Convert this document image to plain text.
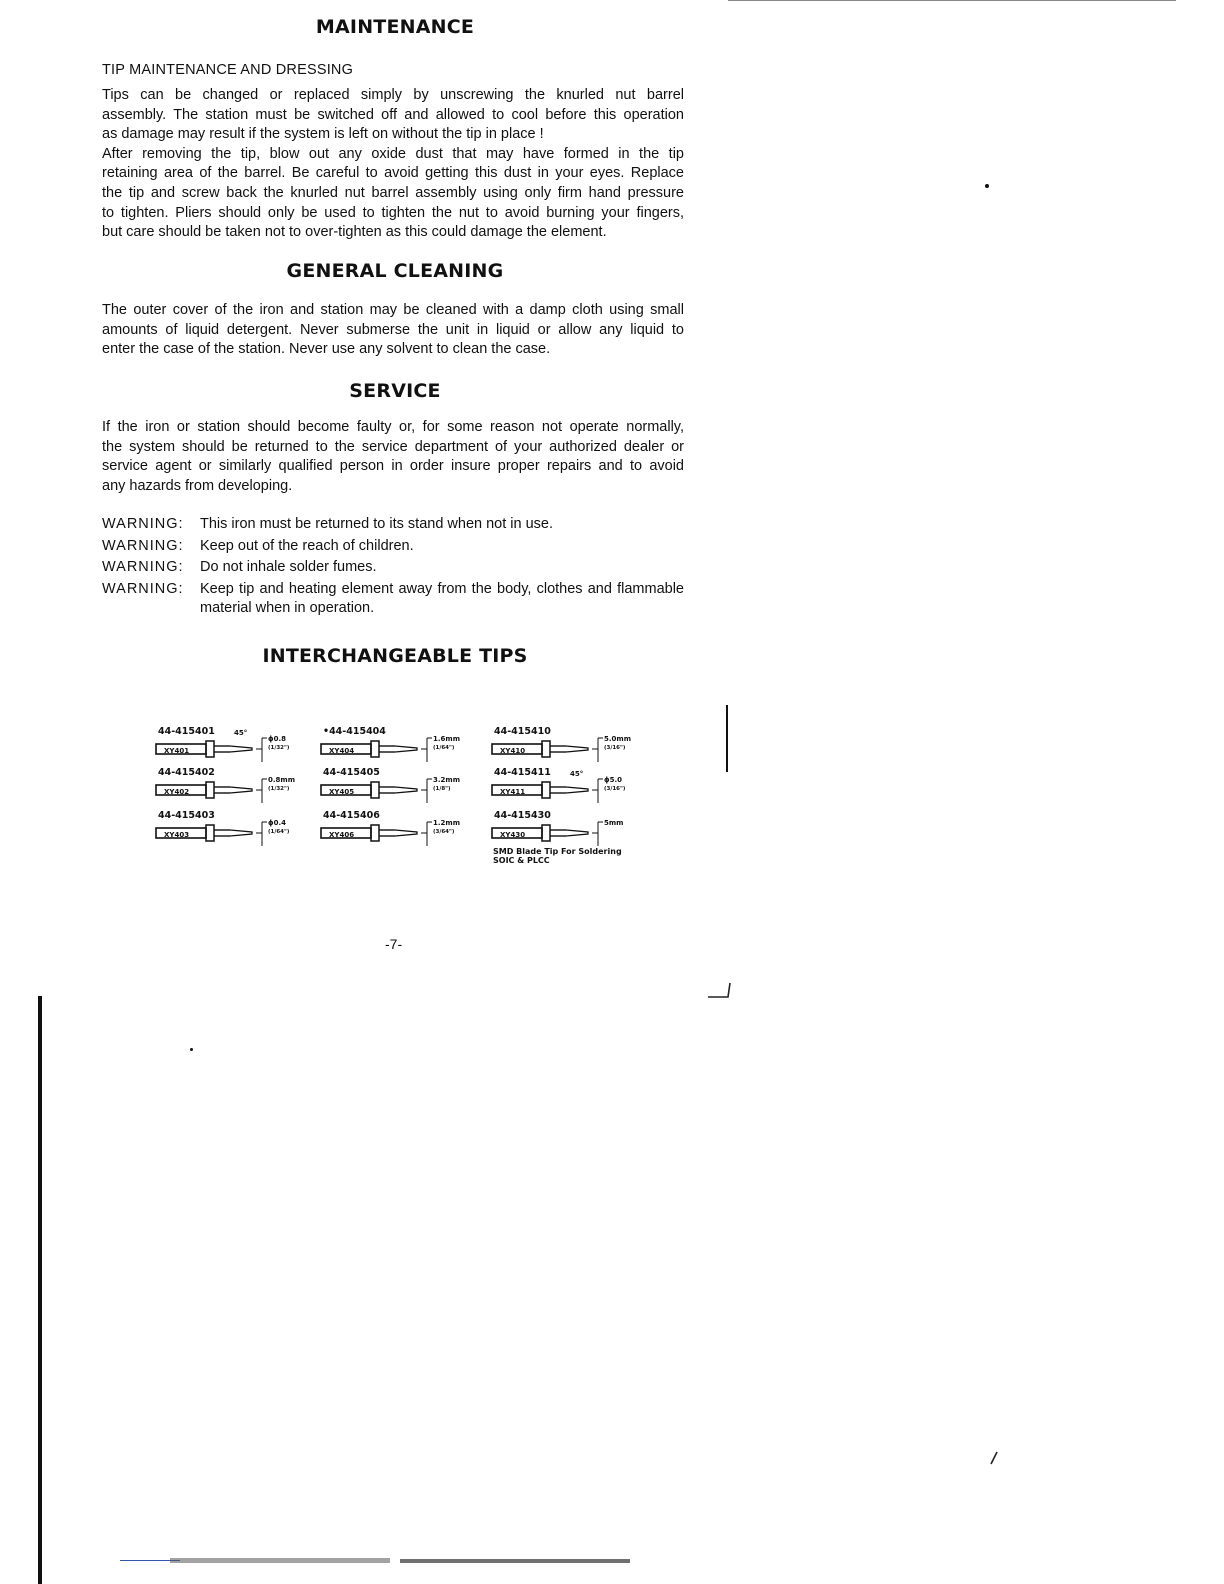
MAINTENANCE

TIP MAINTENANCE AND DRESSING

Tips can be changed or replaced simply by unscrewing the knurled nut barrel
assembly. The station must be switched off and allowed to cool before this operation
as damage may result if the system is left on without the tip in place !
After removing the tip, blow out any oxide dust that may have formed in the tip
retaining area of the barrel. Be careful to avoid getting this dust in your eyes. Replace
the tip and screw back the knurled nut barrel assembly using only firm hand pressure
to tighten. Pliers should only be used to tighten the nut to avoid burning your fingers,
but care should be taken not to over-tighten as this could damage the element.
GENERAL CLEANING
The outer cover of the iron and station may be cleaned with a damp cloth using small
amounts of liquid detergent. Never submerse the unit in liquid or allow any liquid to
enter the case of the station. Never use any solvent to clean the case.
SERVICE
If the iron or station should become faulty or, for some reason not operate normally,
the system should be returned to the service department of your authorized dealer or
service agent or similarly qualified person in order insure proper repairs and to avoid
any hazards from developing.
WARNING:	This iron must be returned to its stand when not in use.
WARNING:	Keep out of the reach of children.
WARNING:	Do not inhale solder fumes.
WARNING:	Keep tip and heating element away from the body, clothes and flammable material when in operation.
INTERCHANGEABLE TIPS
44-415401
XY401
45°
ϕ0.8
(1/32")
44-415402
XY402
0.8mm
(1/32")
44-415403
XY403
ϕ0.4
(1/64")
•44-415404
XY404
1.6mm
(1/64")
44-415405
XY405
3.2mm
(1/8")
44-415406
XY406
1.2mm
(3/64")
44-415410
XY410
5.0mm
(3/16")
44-415411
XY411
45°
ϕ5.0
(3/16")
44-415430
XY430
5mm
SMD Blade Tip For Soldering
SOIC & PLCC
-7-
